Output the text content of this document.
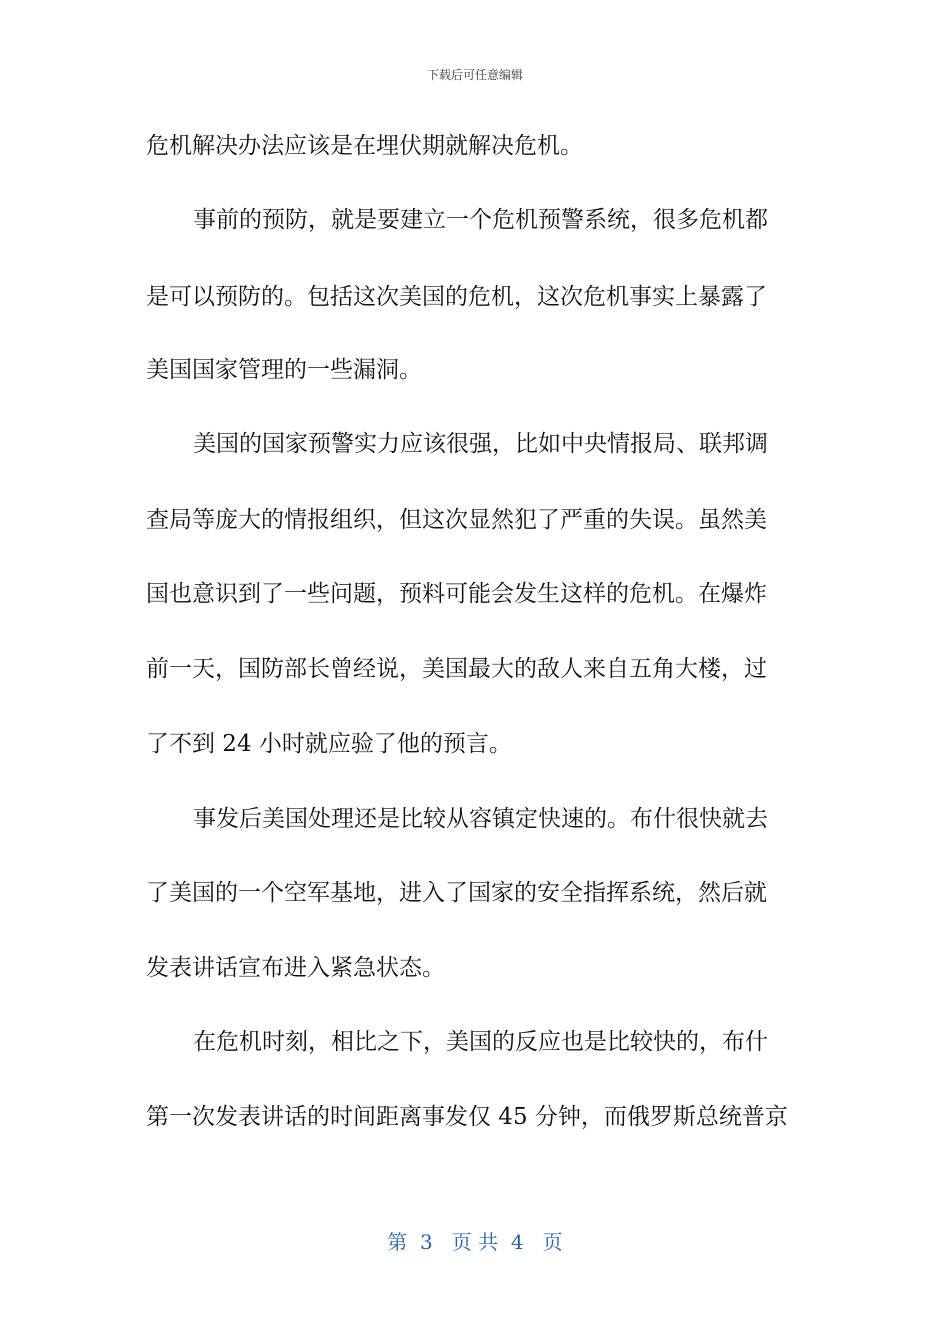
下载后可任意编辑
危机解决办法应该是在埋伏期就解决危机。
事前的预防，就是要建立一个危机预警系统，很多危机都
是可以预防的。包括这次美国的危机，这次危机事实上暴露了
美国国家管理的一些漏洞。
美国的国家预警实力应该很强，比如中央情报局、联邦调
查局等庞大的情报组织，但这次显然犯了严重的失误。虽然美
国也意识到了一些问题，预料可能会发生这样的危机。在爆炸
前一天，国防部长曾经说，美国最大的敌人来自五角大楼，过
了不到 24 小时就应验了他的预言。
事发后美国处理还是比较从容镇定快速的。布什很快就去
了美国的一个空军基地，进入了国家的安全指挥系统，然后就
发表讲话宣布进入紧急状态。
在危机时刻，相比之下，美国的反应也是比较快的，布什
第一次发表讲话的时间距离事发仅 45 分钟，而俄罗斯总统普京
第  3   页 共  4   页
